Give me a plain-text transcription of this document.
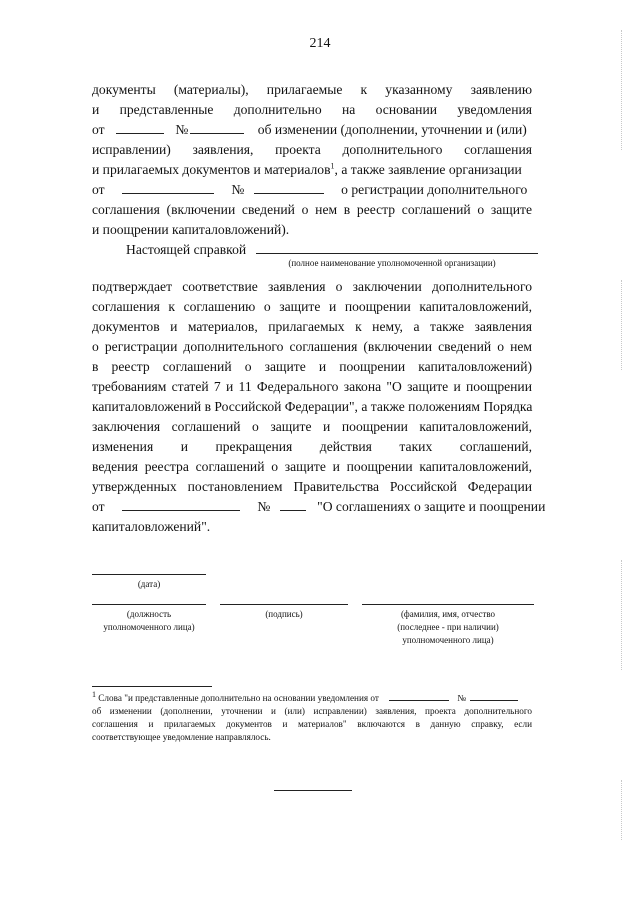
214
документы (материалы), прилагаемые к указанному заявлению
и представленные дополнительно на основании уведомления
от	№	об изменении (дополнении, уточнении и (или)
исправлении) заявления, проекта дополнительного соглашения
и прилагаемых документов и материалов$^1$, а также заявление организации
от	№	о регистрации дополнительного
соглашения (включении сведений о нем в реестр соглашений о защите
и поощрении капиталовложений).
Настоящей справкой
(полное наименование уполномоченной организации)
подтверждает соответствие заявления о заключении дополнительного
соглашения к соглашению о защите и поощрении капиталовложений,
документов и материалов, прилагаемых к нему, а также заявления
о регистрации дополнительного соглашения (включении сведений о нем
в реестр соглашений о защите и поощрении капиталовложений)
требованиям статей 7 и 11 Федерального закона "О защите и поощрении
капиталовложений в Российской Федерации", а также положениям Порядка
заключения соглашений о защите и поощрении капиталовложений,
изменения и прекращения действия таких соглашений,
ведения реестра соглашений о защите и поощрении капиталовложений,
утвержденных постановлением Правительства Российской Федерации
от	№	"О соглашениях о защите и поощрении
капиталовложений".
(дата)
(должность
уполномоченного лица)
(подпись)	(фамилия, имя, отчество
(последнее - при наличии)
уполномоченного лица)
$^1$ Слова "и представленные дополнительно на основании уведомления от	№
об изменении (дополнении, уточнении и (или) исправлении) заявления, проекта дополнительного
соглашения и прилагаемых документов и материалов" включаются в данную справку, если
соответствующее уведомление направлялось.
